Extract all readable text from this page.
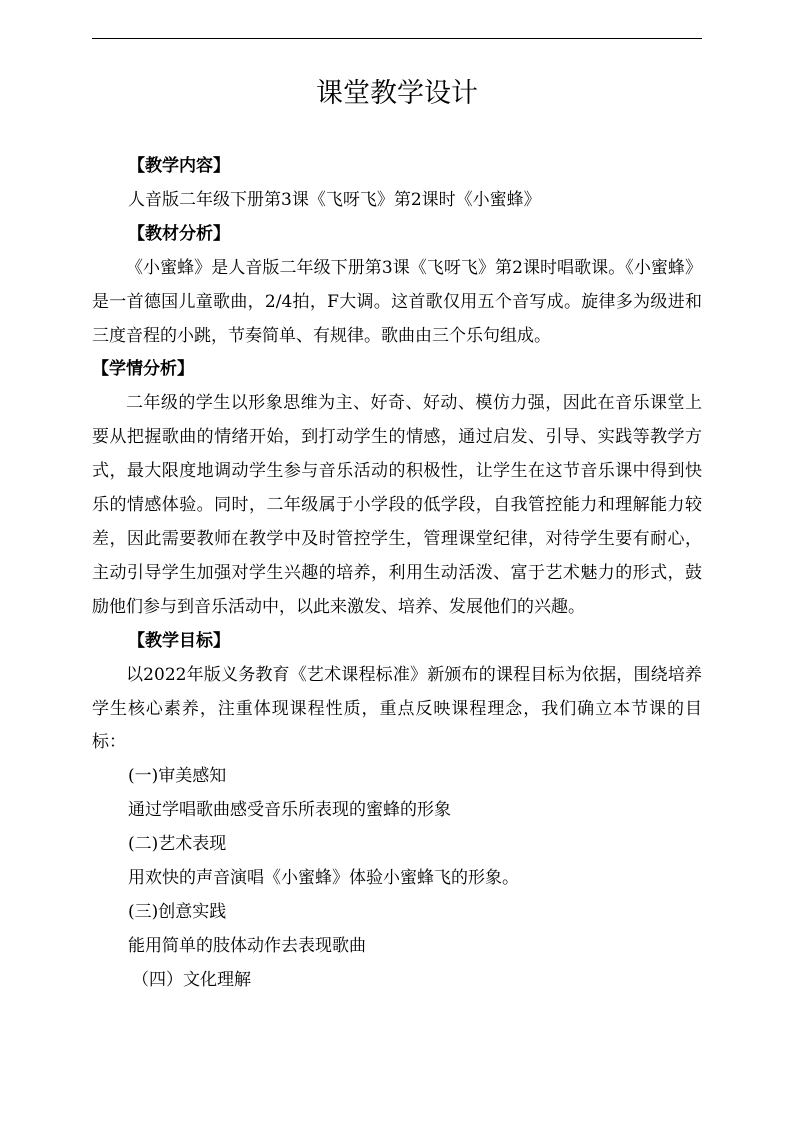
课堂教学设计

【教学内容】

人音版二年级下册第3课《飞呀飞》第2课时《小蜜蜂》

【教材分析】

《小蜜蜂》是人音版二年级下册第3课《飞呀飞》第2课时唱歌课。《小蜜蜂》是一首德国儿童歌曲，2/4拍，F大调。这首歌仅用五个音写成。旋律多为级进和三度音程的小跳，节奏简单、有规律。歌曲由三个乐句组成。

【学情分析】

二年级的学生以形象思维为主、好奇、好动、模仿力强，因此在音乐课堂上要从把握歌曲的情绪开始，到打动学生的情感，通过启发、引导、实践等教学方式，最大限度地调动学生参与音乐活动的积极性，让学生在这节音乐课中得到快乐的情感体验。同时，二年级属于小学段的低学段，自我管控能力和理解能力较差，因此需要教师在教学中及时管控学生，管理课堂纪律，对待学生要有耐心，主动引导学生加强对学生兴趣的培养，利用生动活泼、富于艺术魅力的形式，鼓励他们参与到音乐活动中，以此来激发、培养、发展他们的兴趣。

【教学目标】

以2022年版义务教育《艺术课程标准》新颁布的课程目标为依据，围绕培养学生核心素养，注重体现课程性质，重点反映课程理念，我们确立本节课的目标：

(一)审美感知

通过学唱歌曲感受音乐所表现的蜜蜂的形象

(二)艺术表现

用欢快的声音演唱《小蜜蜂》体验小蜜蜂飞的形象。

(三)创意实践

能用简单的肢体动作去表现歌曲

（四）文化理解
